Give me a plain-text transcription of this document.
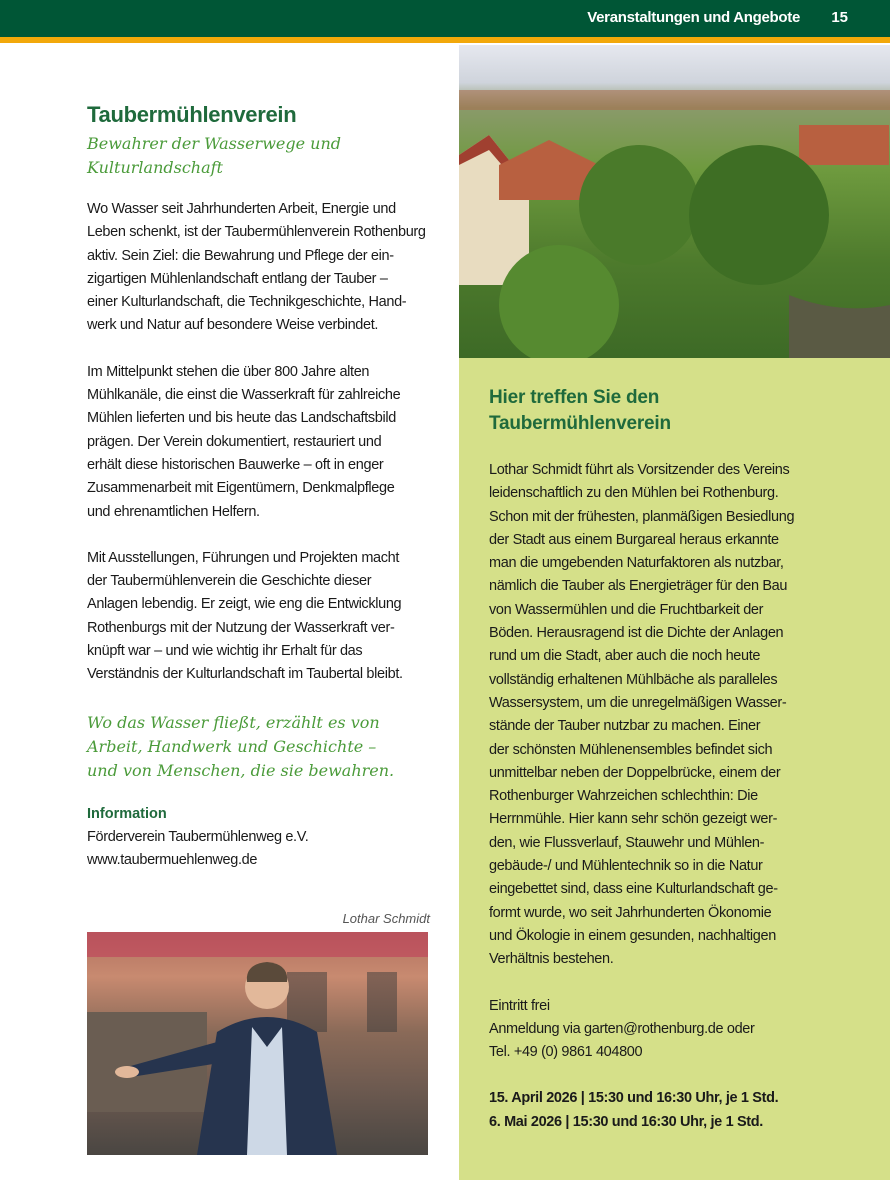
Veranstaltungen und Angebote 15
Taubermühlenverein
Bewahrer der Wasserwege und
Kulturlandschaft
Wo Wasser seit Jahrhunderten Arbeit, Energie und
Leben schenkt, ist der Taubermühlenverein Rothenburg
aktiv. Sein Ziel: die Bewahrung und Pflege der ein-
zigartigen Mühlenlandschaft entlang der Tauber –
einer Kulturlandschaft, die Technikgeschichte, Hand-
werk und Natur auf besondere Weise verbindet.
Im Mittelpunkt stehen die über 800 Jahre alten
Mühlkanäle, die einst die Wasserkraft für zahlreiche
Mühlen lieferten und bis heute das Landschaftsbild
prägen. Der Verein dokumentiert, restauriert und
erhält diese historischen Bauwerke – oft in enger
Zusammenarbeit mit Eigentümern, Denkmalpflege
und ehrenamtlichen Helfern.
Mit Ausstellungen, Führungen und Projekten macht
der Taubermühlenverein die Geschichte dieser
Anlagen lebendig. Er zeigt, wie eng die Entwicklung
Rothenburgs mit der Nutzung der Wasserkraft ver-
knüpft war – und wie wichtig ihr Erhalt für das
Verständnis der Kulturlandschaft im Taubertal bleibt.
Wo das Wasser fließt, erzählt es von
Arbeit, Handwerk und Geschichte –
und von Menschen, die sie bewahren.
Information
Förderverein Taubermühlenweg e.V.
www.taubermuehlenweg.de
Lothar Schmidt
Hier treffen Sie den
Taubermühlenverein
Lothar Schmidt führt als Vorsitzender des Vereins
leidenschaftlich zu den Mühlen bei Rothenburg.
Schon mit der frühesten, planmäßigen Besiedlung
der Stadt aus einem Burgareal heraus erkannte
man die umgebenden Naturfaktoren als nutzbar,
nämlich die Tauber als Energieträger für den Bau
von Wassermühlen und die Fruchtbarkeit der
Böden. Herausragend ist die Dichte der Anlagen
rund um die Stadt, aber auch die noch heute
vollständig erhaltenen Mühlbäche als paralleles
Wassersystem, um die unregelmäßigen Wasser-
stände der Tauber nutzbar zu machen. Einer
der schönsten Mühlenensembles befindet sich
unmittelbar neben der Doppelbrücke, einem der
Rothenburger Wahrzeichen schlechthin: Die
Herrnmühle. Hier kann sehr schön gezeigt wer-
den, wie Flussverlauf, Stauwehr und Mühlen-
gebäude-/ und Mühlentechnik so in die Natur
eingebettet sind, dass eine Kulturlandschaft ge-
formt wurde, wo seit Jahrhunderten Ökonomie
und Ökologie in einem gesunden, nachhaltigen
Verhältnis bestehen.
Eintritt frei
Anmeldung via garten@rothenburg.de oder
Tel. +49 (0) 9861 404800
15. April 2026 | 15:30 und 16:30 Uhr, je 1 Std.
6. Mai 2026 | 15:30 und 16:30 Uhr, je 1 Std.
